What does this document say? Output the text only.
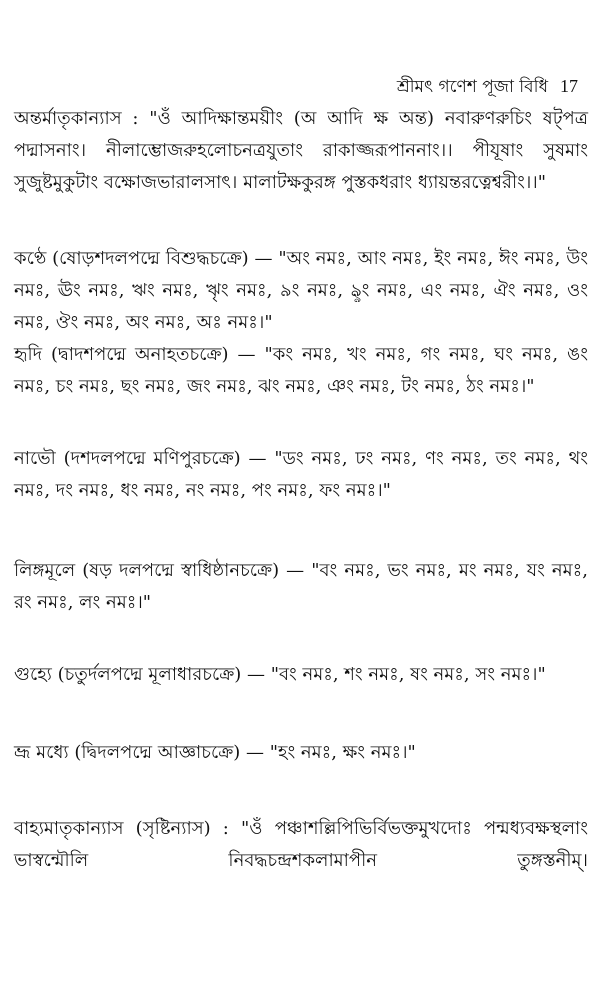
শ্রীমৎ গণেশ পূজা বিধি 17

অন্তর্মাতৃকান্যাস : "ওঁ আদিক্ষান্তময়ীং (অ আদি ক্ষ অন্ত) নবারুণরুচিং ষট্পত্র পদ্মাসনাং। নীলাম্ভোজরুহলোচনত্রযুতাং রাকাজ্জরূপাননাং।। পীযূষাং সুষমাং সুজুষ্টমুকুটাং বক্ষোজভারালসাৎ। মালাটক্ষকুরঙ্গ পুস্তকধরাং ধ্যায়ন্তরত্নেশ্বরীং।।"

কণ্ঠে (ষোড়শদলপদ্মে বিশুদ্ধচক্রে) — "অং নমঃ, আং নমঃ, ইং নমঃ, ঈং নমঃ, উং নমঃ, ঊং নমঃ, ঋং নমঃ, ৠং নমঃ, ৯ং নমঃ, ৡং নমঃ, এং নমঃ, ঐং নমঃ, ওং নমঃ, ঔং নমঃ, অং নমঃ, অঃ নমঃ।"

হৃদি (দ্বাদশপদ্মে অনাহতচক্রে) — "কং নমঃ, খং নমঃ, গং নমঃ, ঘং নমঃ, ঙং নমঃ, চং নমঃ, ছং নমঃ, জং নমঃ, ঝং নমঃ, ঞং নমঃ, টং নমঃ, ঠং নমঃ।"

নাভৌ (দশদলপদ্মে মণিপুরচক্রে) — "ডং নমঃ, ঢং নমঃ, ণং নমঃ, তং নমঃ, থং নমঃ, দং নমঃ, ধং নমঃ, নং নমঃ, পং নমঃ, ফং নমঃ।"

লিঙ্গমূলে (ষড় দলপদ্মে স্বাধিষ্ঠানচক্রে) — "বং নমঃ, ভং নমঃ, মং নমঃ, যং নমঃ, রং নমঃ, লং নমঃ।"

গুহ্যে (চতুর্দলপদ্মে মূলাধারচক্রে) — "বং নমঃ, শং নমঃ, ষং নমঃ, সং নমঃ।"

ভ্রূ মধ্যে (দ্বিদলপদ্মে আজ্ঞাচক্রে) — "হং নমঃ, ক্ষং নমঃ।"

বাহ্যমাতৃকান্যাস (সৃষ্টিন্যাস) : "ওঁ পঞ্চাশল্লিপিভির্বিভক্তমুখদোঃ পন্মধ্যবক্ষস্থলাং ভাস্বন্মৌলি নিবদ্ধচন্দ্রশকলামাপীন তুঙ্গস্তনীম্।
